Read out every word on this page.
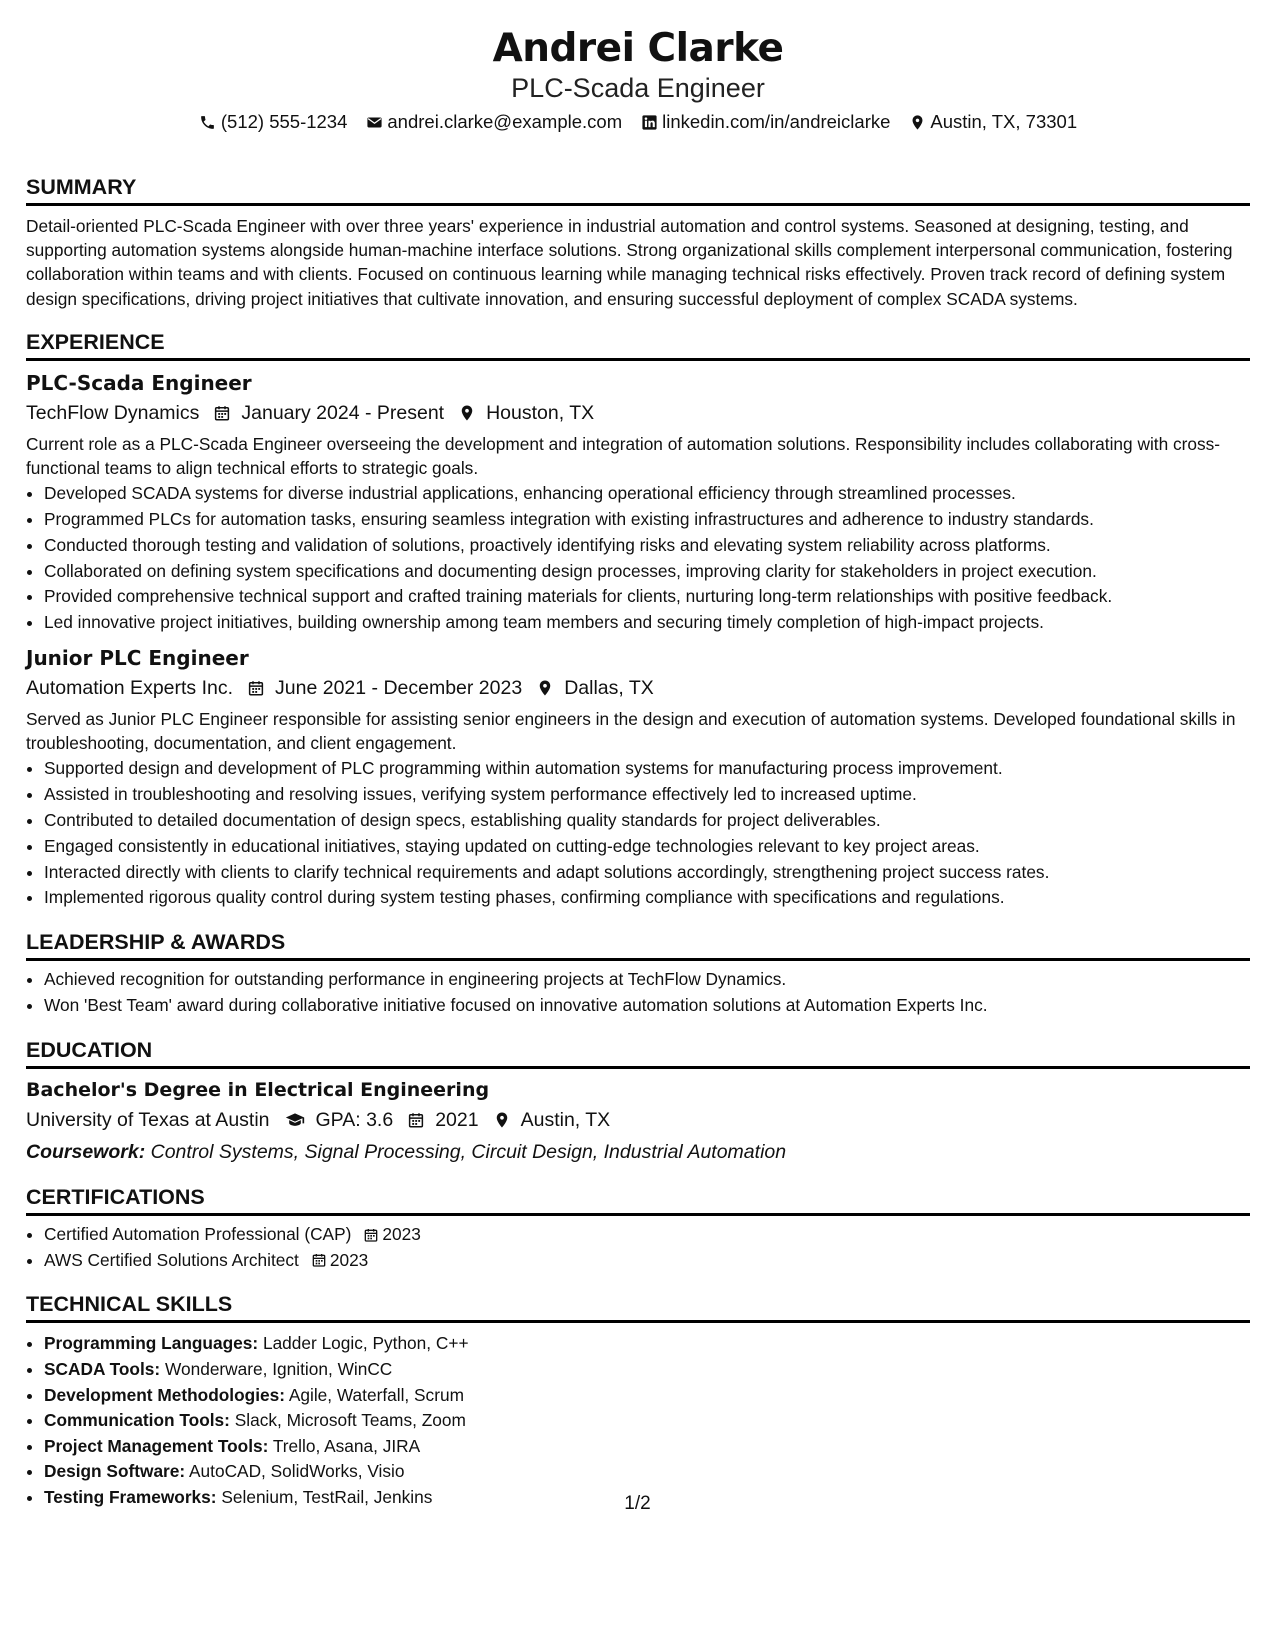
Andrei Clarke
PLC-Scada Engineer
(512) 555-1234 andrei.clarke@example.com linkedin.com/in/andreiclarke Austin, TX, 73301
SUMMARY
Detail-oriented PLC-Scada Engineer with over three years' experience in industrial automation and control systems. Seasoned at designing, testing, and supporting automation systems alongside human-machine interface solutions. Strong organizational skills complement interpersonal communication, fostering collaboration within teams and with clients. Focused on continuous learning while managing technical risks effectively. Proven track record of defining system design specifications, driving project initiatives that cultivate innovation, and ensuring successful deployment of complex SCADA systems.
EXPERIENCE
PLC-Scada Engineer
TechFlow Dynamics January 2024 - Present Houston, TX
Current role as a PLC-Scada Engineer overseeing the development and integration of automation solutions. Responsibility includes collaborating with cross-functional teams to align technical efforts to strategic goals.
• Developed SCADA systems for diverse industrial applications, enhancing operational efficiency through streamlined processes.
• Programmed PLCs for automation tasks, ensuring seamless integration with existing infrastructures and adherence to industry standards.
• Conducted thorough testing and validation of solutions, proactively identifying risks and elevating system reliability across platforms.
• Collaborated on defining system specifications and documenting design processes, improving clarity for stakeholders in project execution.
• Provided comprehensive technical support and crafted training materials for clients, nurturing long-term relationships with positive feedback.
• Led innovative project initiatives, building ownership among team members and securing timely completion of high-impact projects.
Junior PLC Engineer
Automation Experts Inc. June 2021 - December 2023 Dallas, TX
Served as Junior PLC Engineer responsible for assisting senior engineers in the design and execution of automation systems. Developed foundational skills in troubleshooting, documentation, and client engagement.
• Supported design and development of PLC programming within automation systems for manufacturing process improvement.
• Assisted in troubleshooting and resolving issues, verifying system performance effectively led to increased uptime.
• Contributed to detailed documentation of design specs, establishing quality standards for project deliverables.
• Engaged consistently in educational initiatives, staying updated on cutting-edge technologies relevant to key project areas.
• Interacted directly with clients to clarify technical requirements and adapt solutions accordingly, strengthening project success rates.
• Implemented rigorous quality control during system testing phases, confirming compliance with specifications and regulations.
LEADERSHIP & AWARDS
• Achieved recognition for outstanding performance in engineering projects at TechFlow Dynamics.
• Won 'Best Team' award during collaborative initiative focused on innovative automation solutions at Automation Experts Inc.
EDUCATION
Bachelor's Degree in Electrical Engineering
University of Texas at Austin GPA: 3.6 2021 Austin, TX
Coursework: Control Systems, Signal Processing, Circuit Design, Industrial Automation
CERTIFICATIONS
• Certified Automation Professional (CAP) 2023
• AWS Certified Solutions Architect 2023
TECHNICAL SKILLS
• Programming Languages: Ladder Logic, Python, C++
• SCADA Tools: Wonderware, Ignition, WinCC
• Development Methodologies: Agile, Waterfall, Scrum
• Communication Tools: Slack, Microsoft Teams, Zoom
• Project Management Tools: Trello, Asana, JIRA
• Design Software: AutoCAD, SolidWorks, Visio
• Testing Frameworks: Selenium, TestRail, Jenkins	1/2
